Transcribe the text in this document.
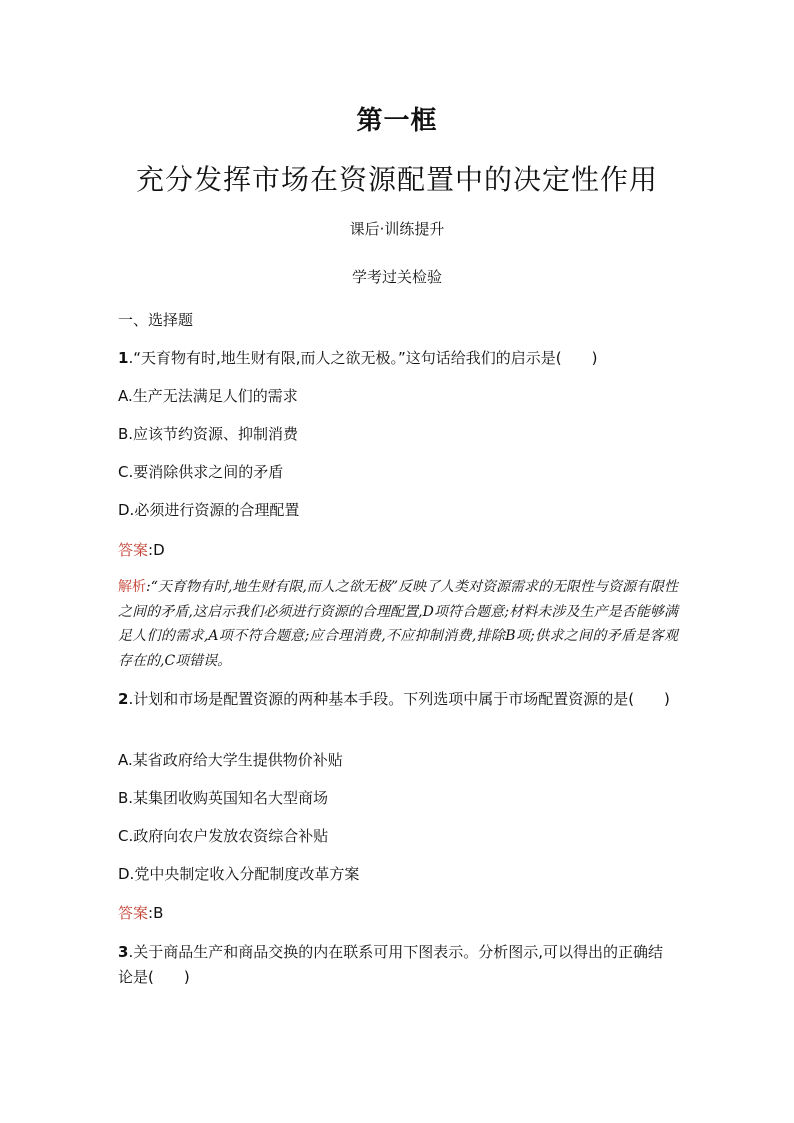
第一框
充分发挥市场在资源配置中的决定性作用
课后·训练提升
学考过关检验
一、选择题
1.“天育物有时,地生财有限,而人之欲无极。”这句话给我们的启示是(　　)
A.生产无法满足人们的需求
B.应该节约资源、抑制消费
C.要消除供求之间的矛盾
D.必须进行资源的合理配置
答案:D
解析:“天育物有时,地生财有限,而人之欲无极”反映了人类对资源需求的无限性与资源有限性之间的矛盾,这启示我们必须进行资源的合理配置,D项符合题意;材料未涉及生产是否能够满足人们的需求,A项不符合题意;应合理消费,不应抑制消费,排除B项;供求之间的矛盾是客观存在的,C项错误。
2.计划和市场是配置资源的两种基本手段。下列选项中属于市场配置资源的是(　　)
A.某省政府给大学生提供物价补贴
B.某集团收购英国知名大型商场
C.政府向农户发放农资综合补贴
D.党中央制定收入分配制度改革方案
答案:B
3.关于商品生产和商品交换的内在联系可用下图表示。分析图示,可以得出的正确结论是(　　)
